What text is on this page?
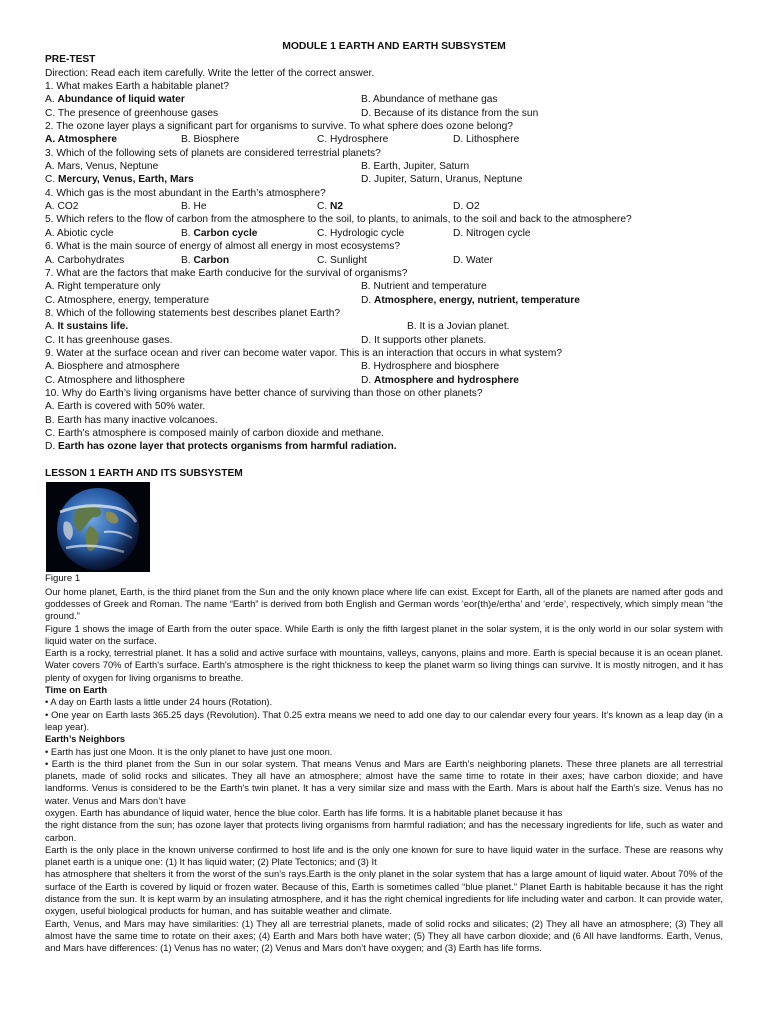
MODULE 1 EARTH AND EARTH SUBSYSTEM
PRE-TEST
Direction: Read each item carefully. Write the letter of the correct answer.
1. What makes Earth a habitable planet?
A. Abundance of liquid water	B. Abundance of methane gas
C. The presence of greenhouse gases	D. Because of its distance from the sun
2. The ozone layer plays a significant part for organisms to survive. To what sphere does ozone belong?
A. Atmosphere	B. Biosphere	C. Hydrosphere	D. Lithosphere
3. Which of the following sets of planets are considered terrestrial planets?
A. Mars, Venus, Neptune	B. Earth, Jupiter, Saturn
C. Mercury, Venus, Earth, Mars	D. Jupiter, Saturn, Uranus, Neptune
4. Which gas is the most abundant in the Earth’s atmosphere?
A. CO2	B. He	C. N2	D. O2
5. Which refers to the flow of carbon from the atmosphere to the soil, to plants, to animals, to the soil and back to the atmosphere?
A. Abiotic cycle	B. Carbon cycle	C. Hydrologic cycle	D. Nitrogen cycle
6. What is the main source of energy of almost all energy in most ecosystems?
A. Carbohydrates	B. Carbon	C. Sunlight	D. Water
7. What are the factors that make Earth conducive for the survival of organisms?
A. Right temperature only	B. Nutrient and temperature
C. Atmosphere, energy, temperature	D. Atmosphere, energy, nutrient, temperature
8. Which of the following statements best describes planet Earth?
A. It sustains life.	B. It is a Jovian planet.
C. It has greenhouse gases.	D. It supports other planets.
9. Water at the surface ocean and river can become water vapor. This is an interaction that occurs in what system?
A. Biosphere and atmosphere	B. Hydrosphere and biosphere
C. Atmosphere and lithosphere	D. Atmosphere and hydrosphere
10. Why do Earth’s living organisms have better chance of surviving than those on other planets?
A. Earth is covered with 50% water.
B. Earth has many inactive volcanoes.
C. Earth’s atmosphere is composed mainly of carbon dioxide and methane.
D. Earth has ozone layer that protects organisms from harmful radiation.
LESSON 1 EARTH AND ITS SUBSYSTEM
Figure 1
Our home planet, Earth, is the third planet from the Sun and the only known place where life can exist. Except for Earth, all of the planets are named after gods and goddesses of Greek and Roman. The name “Earth” is derived from both English and German words ‘eor(th)e/ertha’ and ‘erde’, respectively, which simply mean “the ground.”
Figure 1 shows the image of Earth from the outer space. While Earth is only the fifth largest planet in the solar system, it is the only world in our solar system with liquid water on the surface.
Earth is a rocky, terrestrial planet. It has a solid and active surface with mountains, valleys, canyons, plains and more. Earth is special because it is an ocean planet. Water covers 70% of Earth's surface. Earth's atmosphere is the right thickness to keep the planet warm so living things can survive. It is mostly nitrogen, and it has plenty of oxygen for living organisms to breathe.
Time on Earth
• A day on Earth lasts a little under 24 hours (Rotation).
• One year on Earth lasts 365.25 days (Revolution). That 0.25 extra means we need to add one day to our calendar every four years. It’s known as a leap day (in a leap year).
Earth’s Neighbors
• Earth has just one Moon. It is the only planet to have just one moon.
• Earth is the third planet from the Sun in our solar system. That means Venus and Mars are Earth’s neighboring planets. These three planets are all terrestrial planets, made of solid rocks and silicates. They all have an atmosphere; almost have the same time to rotate in their axes; have carbon dioxide; and have landforms. Venus is considered to be the Earth's twin planet. It has a very similar size and mass with the Earth. Mars is about half the Earth's size. Venus has no water. Venus and Mars don’t have
oxygen. Earth has abundance of liquid water, hence the blue color. Earth has life forms. It is a habitable planet because it has
the right distance from the sun; has ozone layer that protects living organisms from harmful radiation; and has the necessary ingredients for life, such as water and carbon.
Earth is the only place in the known universe confirmed to host life and is the only one known for sure to have liquid water in the surface. These are reasons why planet earth is a unique one: (1) It has liquid water; (2) Plate Tectonics; and (3) It
has atmosphere that shelters it from the worst of the sun’s rays.Earth is the only planet in the solar system that has a large amount of liquid water. About 70% of the surface of the Earth is covered by liquid or frozen water. Because of this, Earth is sometimes called “blue planet.” Planet Earth is habitable because it has the right distance from the sun. It is kept warm by an insulating atmosphere, and it has the right chemical ingredients for life including water and carbon. It can provide water, oxygen, useful biological products for human, and has suitable weather and climate.
Earth, Venus, and Mars may have similarities: (1) They all are terrestrial planets, made of solid rocks and silicates; (2) They all have an atmosphere; (3) They all almost have the same time to rotate on their axes; (4) Earth and Mars both have water; (5) They all have carbon dioxide; and (6 All have landforms. Earth, Venus, and Mars have differences: (1) Venus has no water; (2) Venus and Mars don’t have oxygen; and (3) Earth has life forms.
